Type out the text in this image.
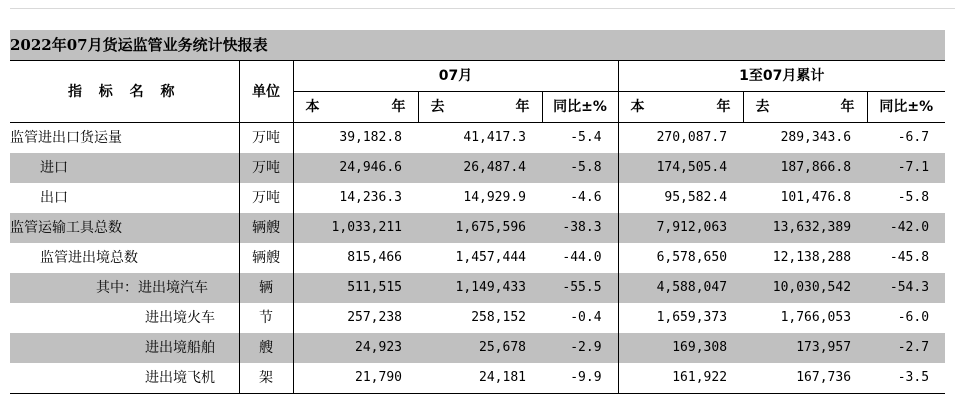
2022年07月货运监管业务统计快报表
指 标 名 称	单位	07月			1至07月累计		

		本 年	去 年	同比±%	本 年	去 年	同比±%
监管进出口货运量	万吨	39,182.8	41,417.3	-5.4	270,087.7	289,343.6	-6.7
进口	万吨	24,946.6	26,487.4	-5.8	174,505.4	187,866.8	-7.1
出口	万吨	14,236.3	14,929.9	-4.6	95,582.4	101,476.8	-5.8
监管运输工具总数	辆艘	1,033,211	1,675,596	-38.3	7,912,063	13,632,389	-42.0
监管进出境总数	辆艘	815,466	1,457,444	-44.0	6,578,650	12,138,288	-45.8
其中：进出境汽车	辆	511,515	1,149,433	-55.5	4,588,047	10,030,542	-54.3
进出境火车	节	257,238	258,152	-0.4	1,659,373	1,766,053	-6.0
进出境船舶	艘	24,923	25,678	-2.9	169,308	173,957	-2.7
进出境飞机	架	21,790	24,181	-9.9	161,922	167,736	-3.5
